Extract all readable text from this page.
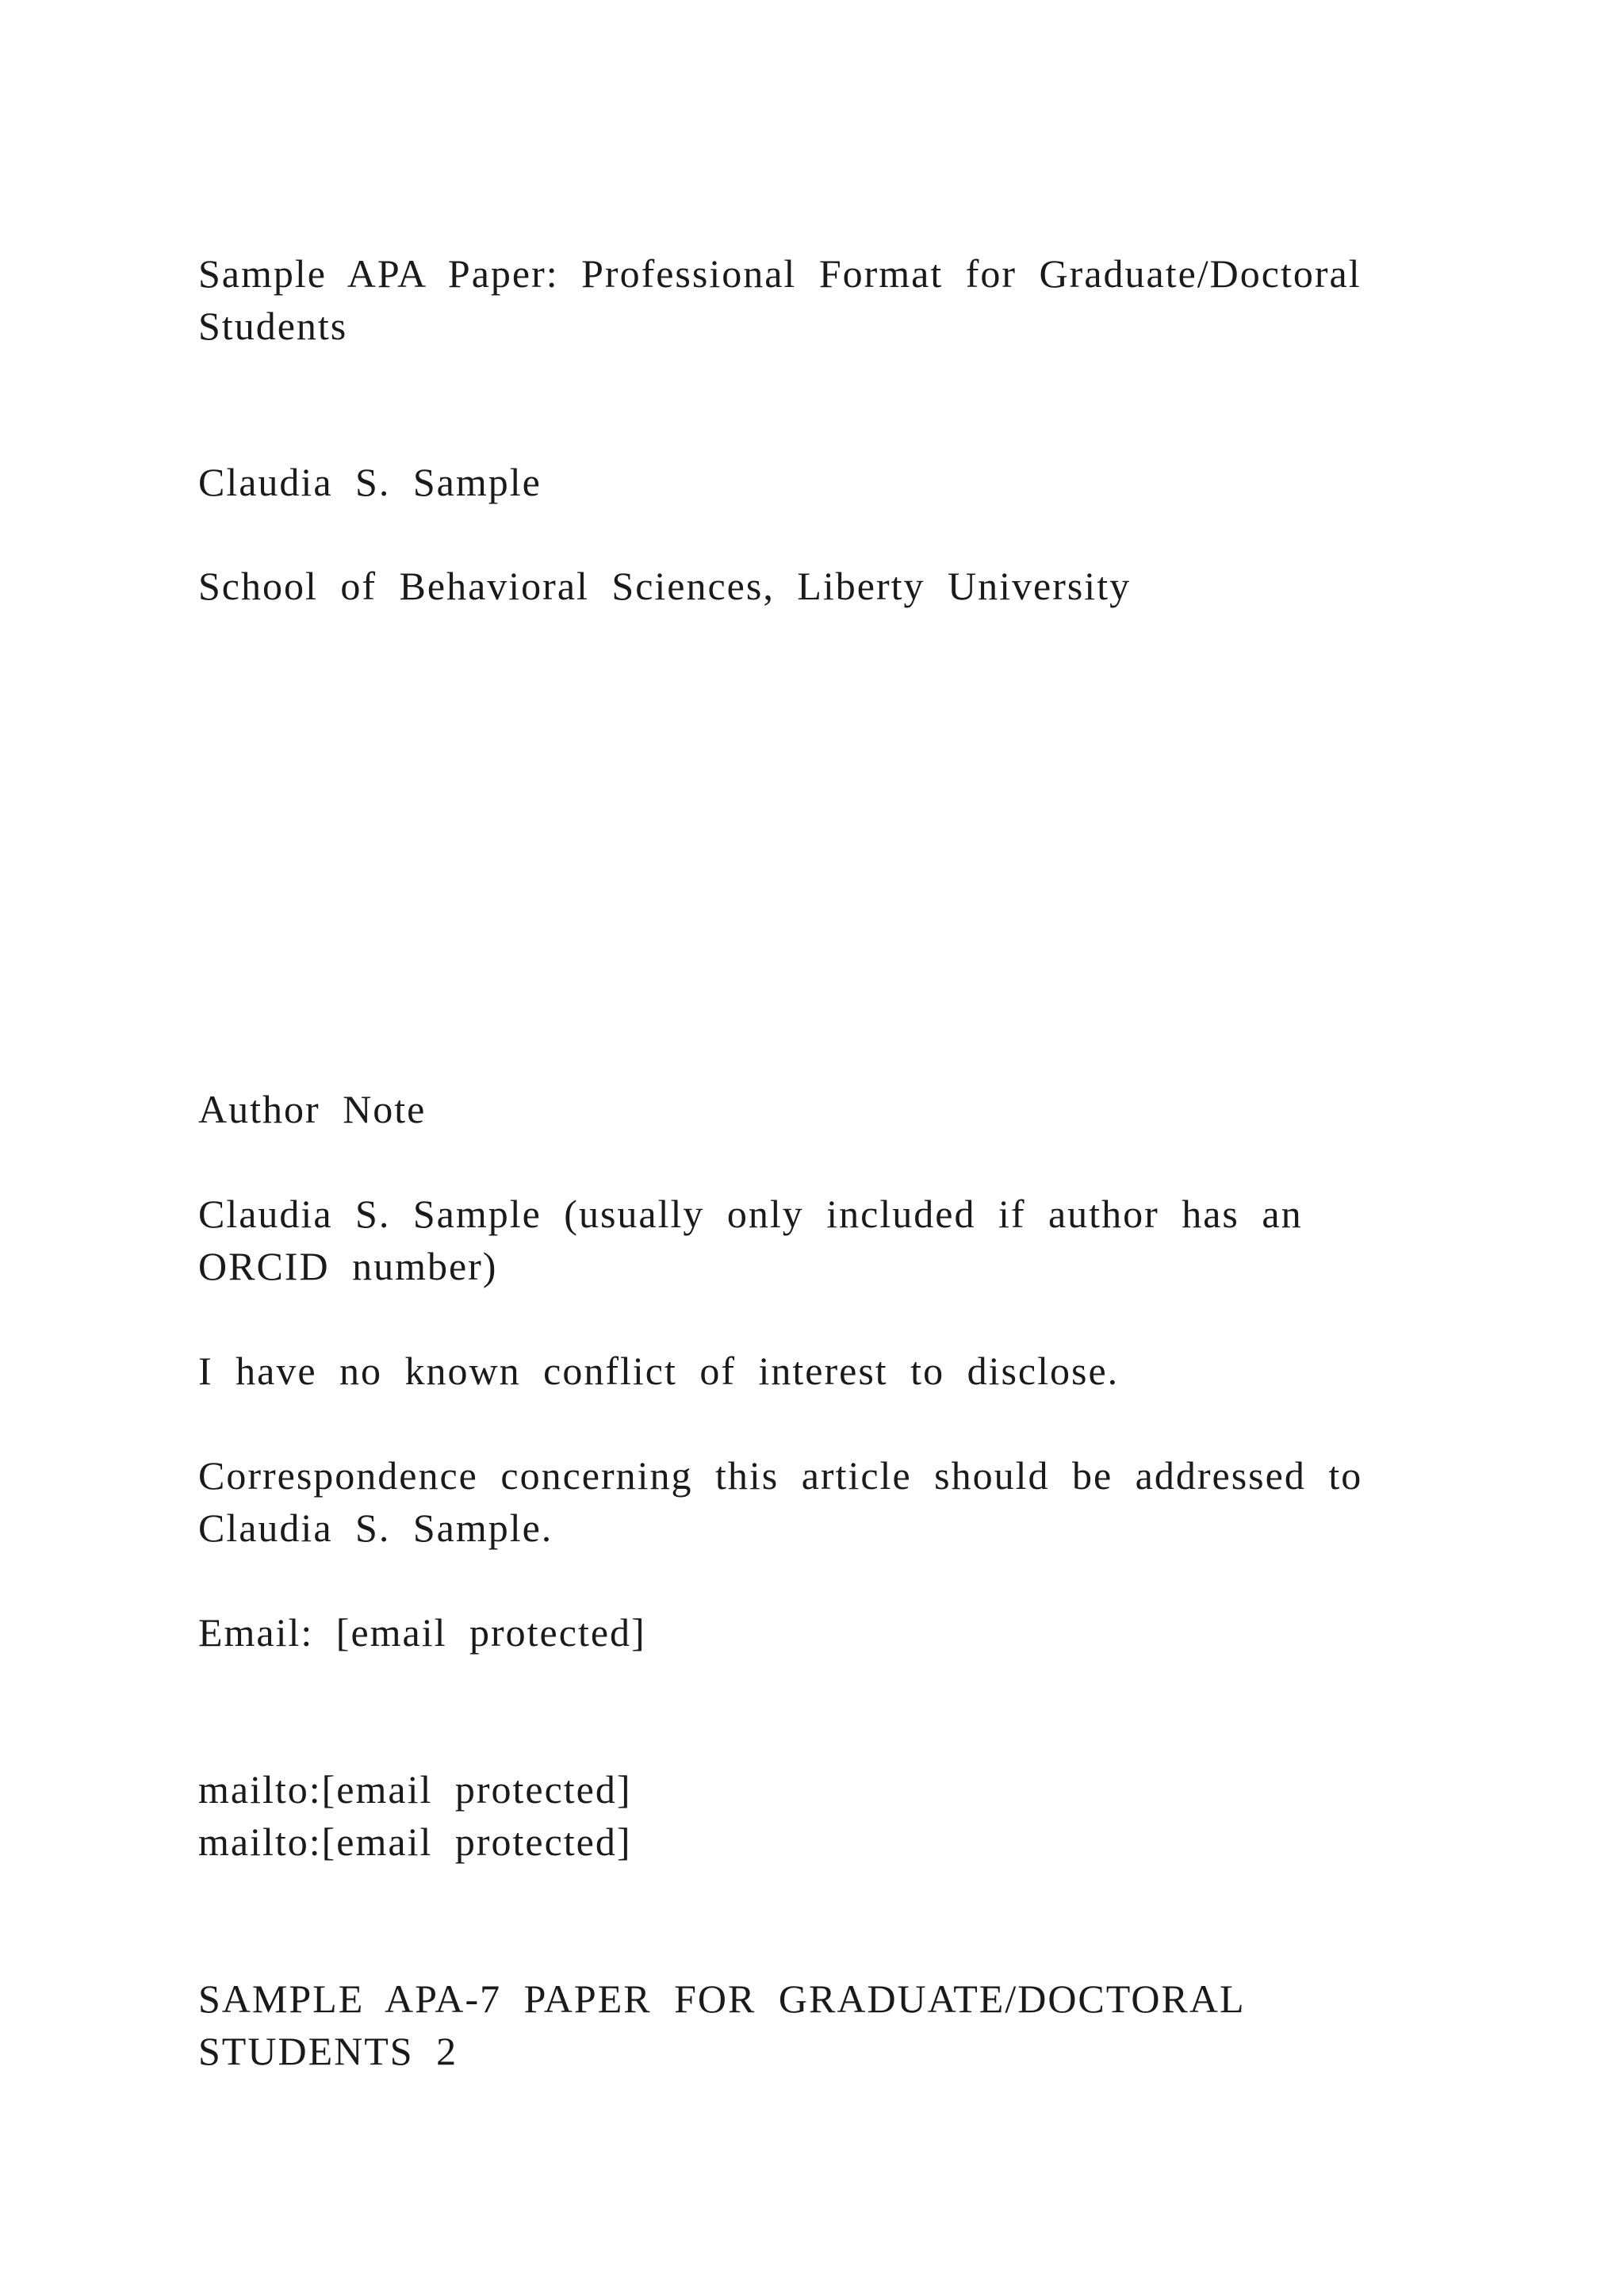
Sample APA Paper: Professional Format for Graduate/Doctoral
Students
Claudia S. Sample
School of Behavioral Sciences, Liberty University
Author Note
Claudia S. Sample (usually only included if author has an
ORCID number)
I have no known conflict of interest to disclose.
Correspondence concerning this article should be addressed to
Claudia S. Sample.
Email: [email protected]
mailto:[email protected]
mailto:[email protected]
SAMPLE APA-7 PAPER FOR GRADUATE/DOCTORAL
STUDENTS 2
